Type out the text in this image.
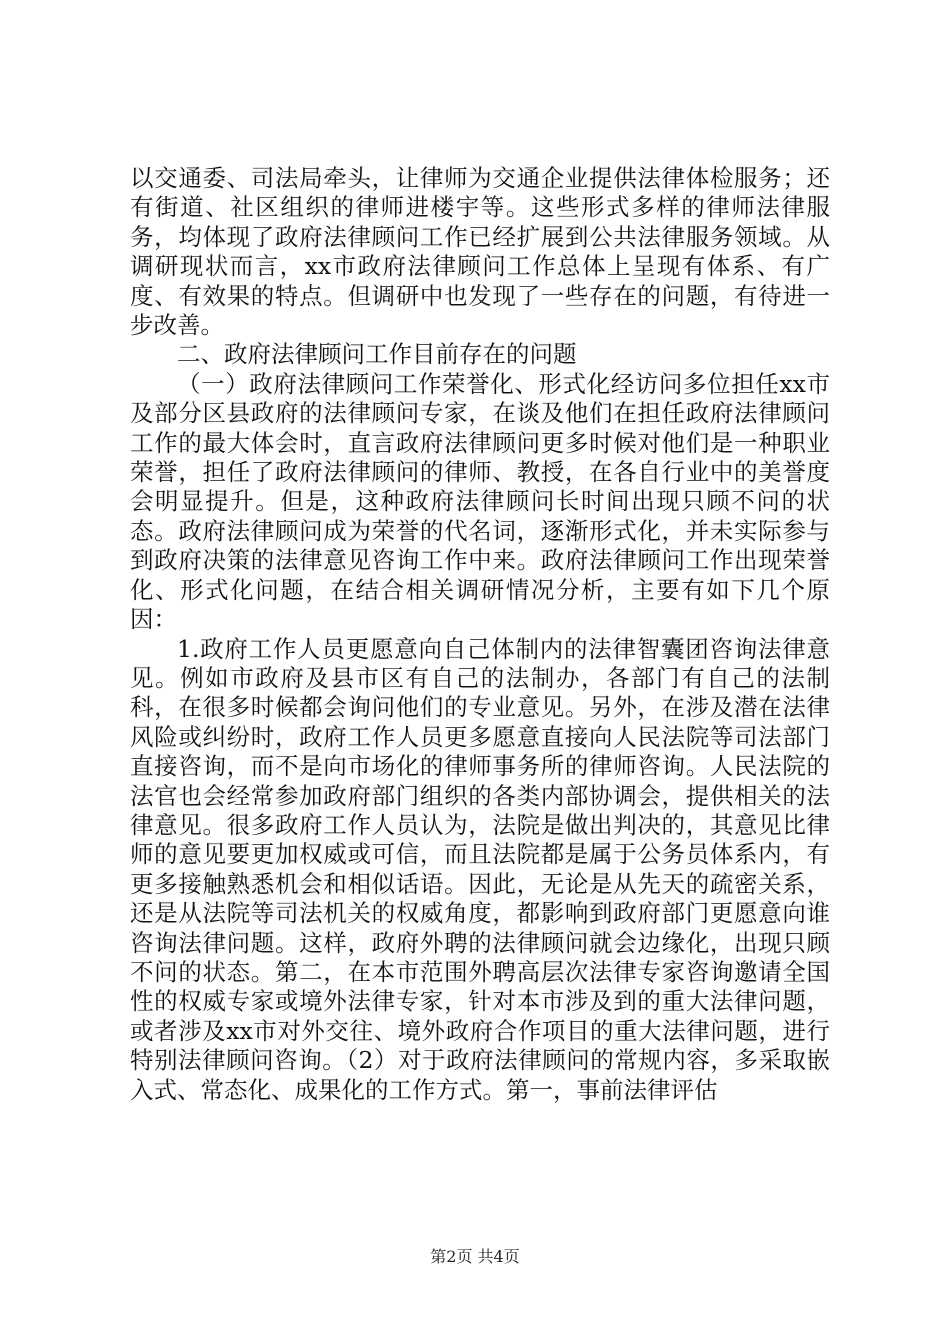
以交通委、司法局牵头，让律师为交通企业提供法律体检服务；还有街道、社区组织的律师进楼宇等。这些形式多样的律师法律服务，均体现了政府法律顾问工作已经扩展到公共法律服务领域。从调研现状而言，xx市政府法律顾问工作总体上呈现有体系、有广度、有效果的特点。但调研中也发现了一些存在的问题，有待进一步改善。

二、政府法律顾问工作目前存在的问题

（一）政府法律顾问工作荣誉化、形式化经访问多位担任xx市及部分区县政府的法律顾问专家，在谈及他们在担任政府法律顾问工作的最大体会时，直言政府法律顾问更多时候对他们是一种职业荣誉，担任了政府法律顾问的律师、教授，在各自行业中的美誉度会明显提升。但是，这种政府法律顾问长时间出现只顾不问的状态。政府法律顾问成为荣誉的代名词，逐渐形式化，并未实际参与到政府决策的法律意见咨询工作中来。政府法律顾问工作出现荣誉化、形式化问题，在结合相关调研情况分析，主要有如下几个原因：

1.政府工作人员更愿意向自己体制内的法律智囊团咨询法律意见。例如市政府及县市区有自己的法制办，各部门有自己的法制科，在很多时候都会询问他们的专业意见。另外，在涉及潜在法律风险或纠纷时，政府工作人员更多愿意直接向人民法院等司法部门直接咨询，而不是向市场化的律师事务所的律师咨询。人民法院的法官也会经常参加政府部门组织的各类内部协调会，提供相关的法律意见。很多政府工作人员认为，法院是做出判决的，其意见比律师的意见要更加权威或可信，而且法院都是属于公务员体系内，有更多接触熟悉机会和相似话语。因此，无论是从先天的疏密关系，还是从法院等司法机关的权威角度，都影响到政府部门更愿意向谁咨询法律问题。这样，政府外聘的法律顾问就会边缘化，出现只顾不问的状态。第二，在本市范围外聘高层次法律专家咨询邀请全国性的权威专家或境外法律专家，针对本市涉及到的重大法律问题，或者涉及xx市对外交往、境外政府合作项目的重大法律问题，进行特别法律顾问咨询。（2）对于政府法律顾问的常规内容，多采取嵌入式、常态化、成果化的工作方式。第一，事前法律评估

第2页 共4页
